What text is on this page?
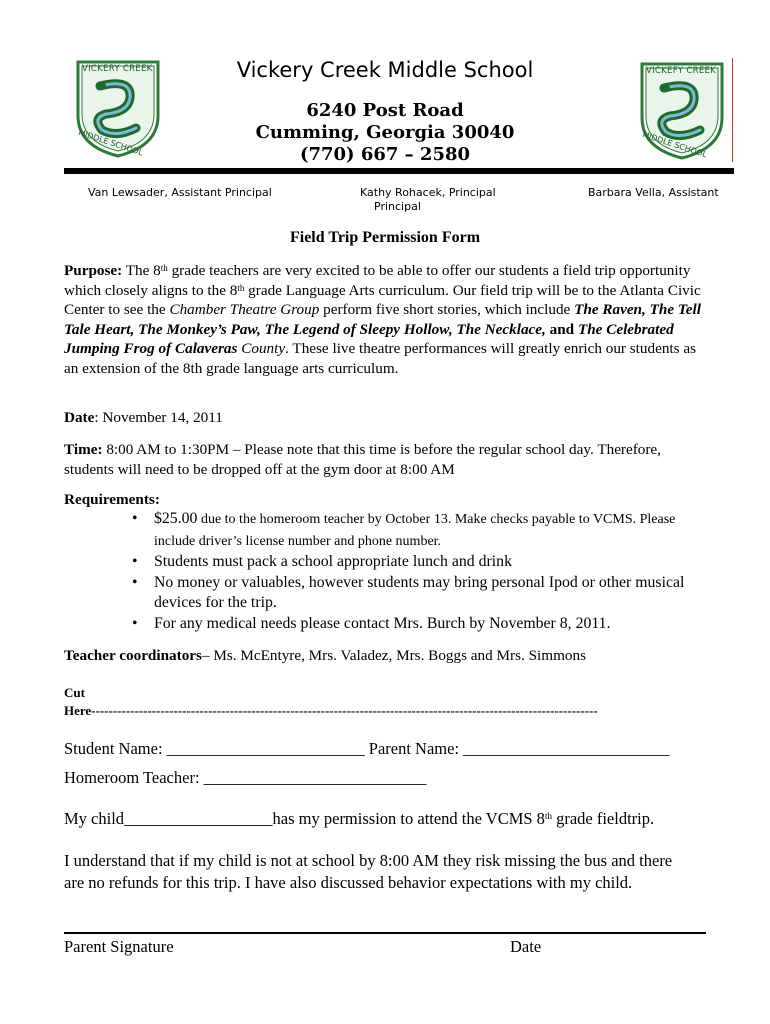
VICKERY CREEK
MIDDLE SCHOOL
VICKEFY CREEK
MIDDLE SCHOOL
Vickery Creek Middle School
6240 Post Road
Cumming, Georgia 30040
(770) 667 – 2580
Van Lewsader, Assistant Principal	Kathy Rohacek, Principal
Principal
Barbara Vella, Assistant
Field Trip Permission Form
Purpose: The 8th grade teachers are very excited to be able to offer our students a field trip opportunity which closely aligns to the 8th grade Language Arts curriculum. Our field trip will be to the Atlanta Civic Center to see the Chamber Theatre Group perform five short stories, which include The Raven, The Tell Tale Heart, The Monkey’s Paw, The Legend of Sleepy Hollow, The Necklace, and The Celebrated Jumping Frog of Calaveras County. These live theatre performances will greatly enrich our students as an extension of the 8th grade language arts curriculum.
Date: November 14, 2011
Time: 8:00 AM to 1:30PM – Please note that this time is before the regular school day. Therefore, students will need to be dropped off at the gym door at 8:00 AM
Requirements:
• $25.00 due to the homeroom teacher by October 13. Make checks payable to VCMS. Please include driver’s license number and phone number.
• Students must pack a school appropriate lunch and drink
• No money or valuables, however students may bring personal Ipod or other musical devices for the trip.
• For any medical needs please contact Mrs. Burch by November 8, 2011.
Teacher coordinators– Ms. McEntyre, Mrs. Valadez, Mrs. Boggs and Mrs. Simmons
Cut
Here---------------------------------------------------------------------------------------------------------------------
Student Name: ________________________ Parent Name: _________________________
Homeroom Teacher: ___________________________
My child__________________has my permission to attend the VCMS 8th grade fieldtrip.
I understand that if my child is not at school by 8:00 AM they risk missing the bus and there are no refunds for this trip. I have also discussed behavior expectations with my child.
Parent Signature	Date
